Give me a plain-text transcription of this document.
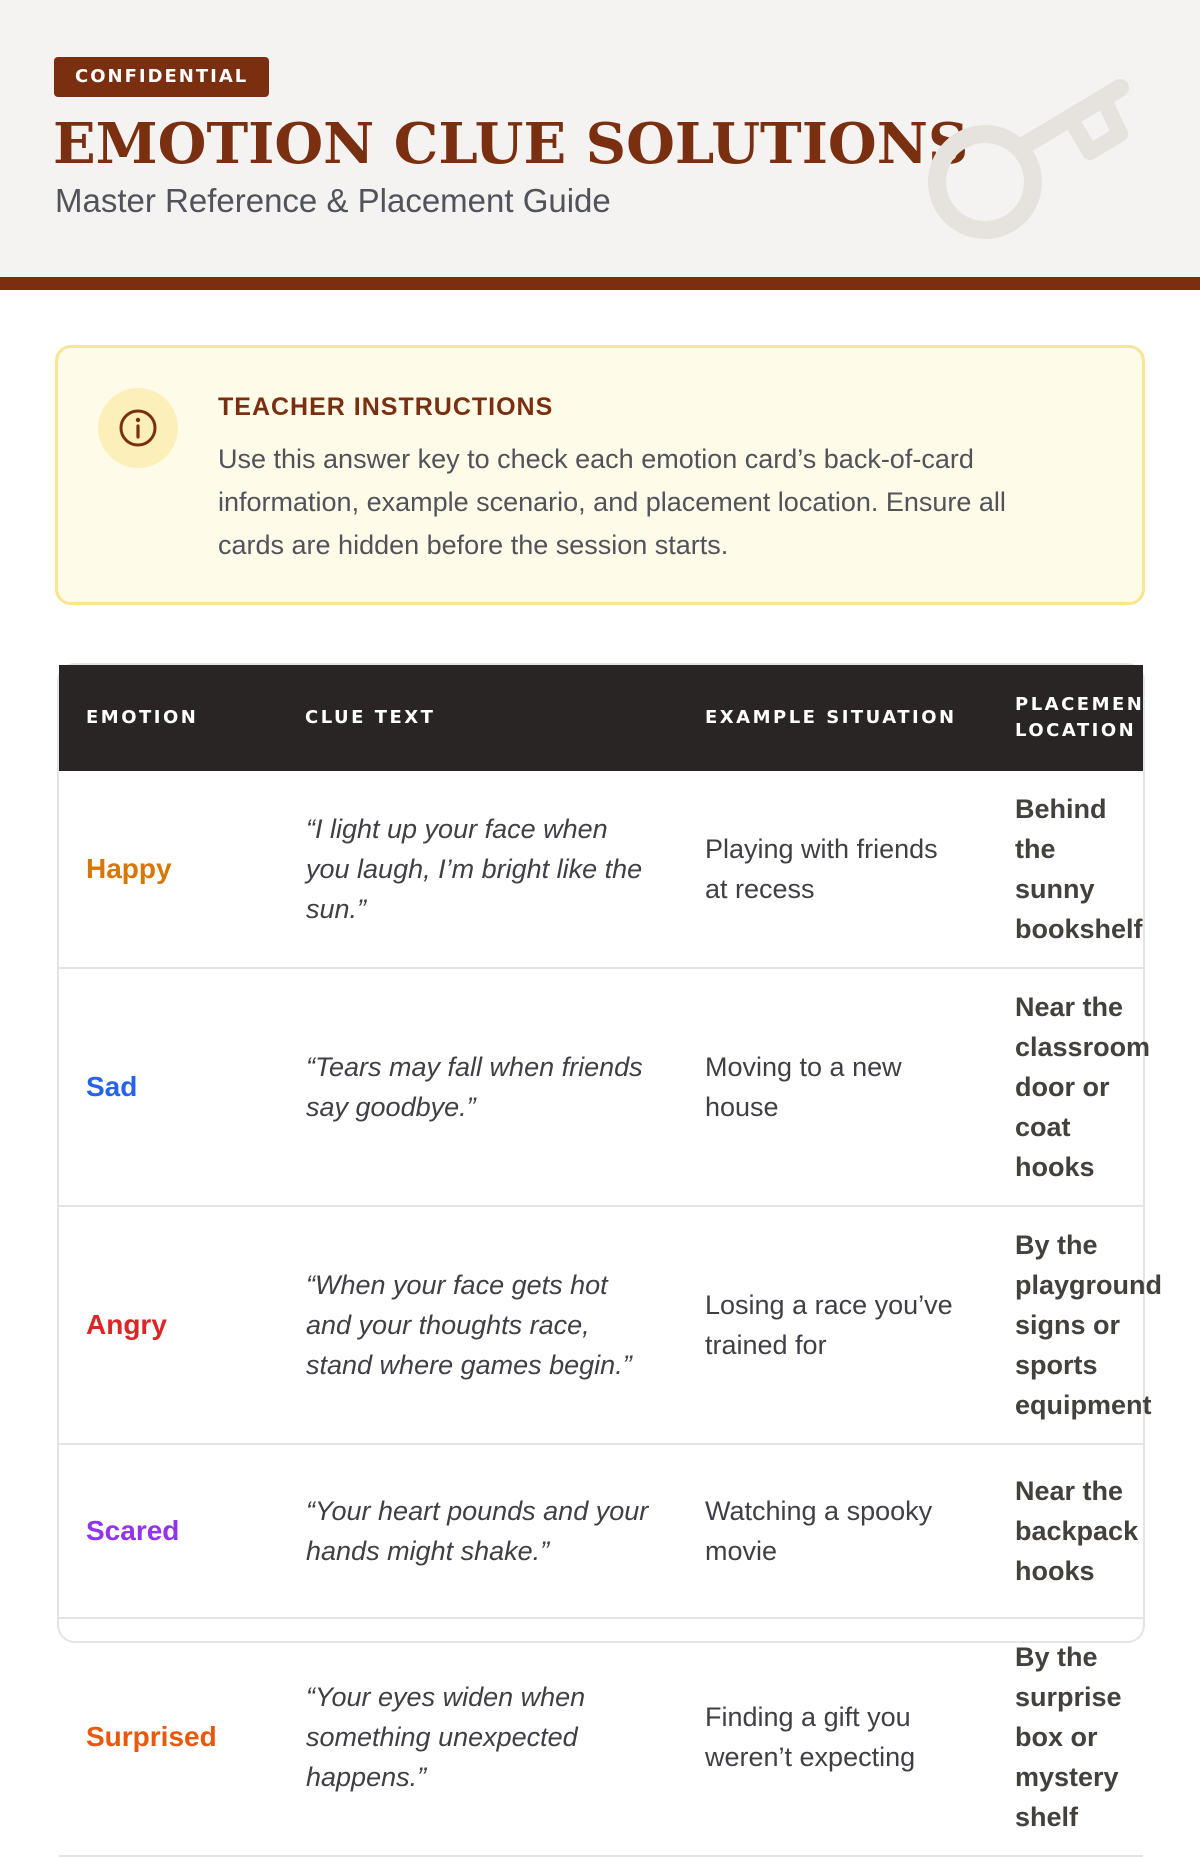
CONFIDENTIAL
EMOTION CLUE SOLUTIONS
Master Reference & Placement Guide
TEACHER INSTRUCTIONS

Use this answer key to check each emotion card’s back-of-card information, example scenario, and placement location. Ensure all cards are hidden before the session starts.

EMOTION	CLUE TEXT	EXAMPLE SITUATION	PLACEMENT LOCATION
Happy	“I light up your face when you laugh, I’m bright like the sun.”	Playing with friends at recess	Behind the sunny bookshelf
Sad	“Tears may fall when friends say goodbye.”	Moving to a new house	Near the classroom door or coat hooks
Angry	“When your face gets hot and your thoughts race, stand where games begin.”	Losing a race you’ve trained for	By the playground signs or sports equipment
Scared	“Your heart pounds and your hands might shake.”	Watching a spooky movie	Near the backpack hooks
Surprised	“Your eyes widen when something unexpected happens.”	Finding a gift you weren’t expecting	By the surprise box or mystery shelf
